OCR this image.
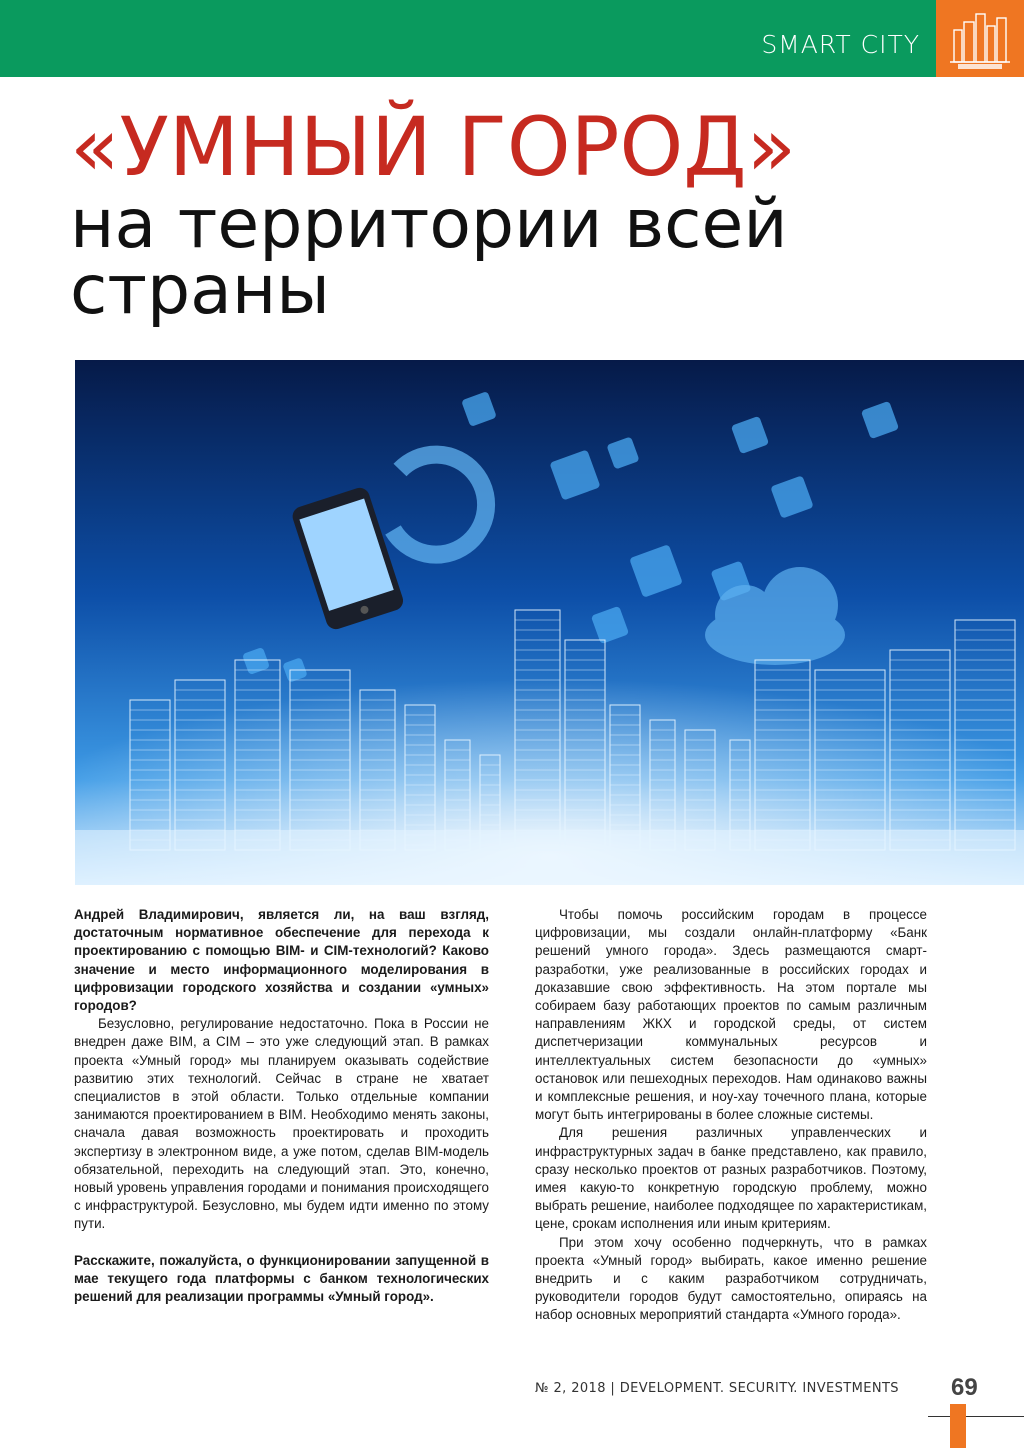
SMART CITY
«УМНЫЙ ГОРОД»
на территории всей страны

Андрей Владимирович, является ли, на ваш взгляд, достаточным нормативное обеспечение для перехода к проектированию с помощью BIM- и CIM-технологий? Каково значение и место информационного моделирования в цифровизации городского хозяйства и создании «умных» городов?

Безусловно, регулирование недостаточно. Пока в России не внедрен даже BIM, а CIM – это уже следующий этап. В рамках проекта «Умный город» мы планируем оказывать содействие развитию этих технологий. Сейчас в стране не хватает специалистов в этой области. Только отдельные компании занимаются проектированием в BIM. Необходимо менять законы, сначала давая возможность проектировать и проходить экспертизу в электронном виде, а уже потом, сделав BIM-модель обязательной, переходить на следующий этап. Это, конечно, новый уровень управления городами и понимания происходящего с инфраструктурой. Безусловно, мы будем идти именно по этому пути.

Расскажите, пожалуйста, о функционировании запущенной в мае текущего года платформы с банком технологических решений для реализации программы «Умный город».

Чтобы помочь российским городам в процессе цифровизации, мы создали онлайн-платформу «Банк решений умного города». Здесь размещаются смарт-разработки, уже реализованные в российских городах и доказавшие свою эффективность. На этом портале мы собираем базу работающих проектов по самым различным направлениям ЖКХ и городской среды, от систем диспетчеризации коммунальных ресурсов и интеллектуальных систем безопасности до «умных» остановок или пешеходных переходов. Нам одинаково важны и комплексные решения, и ноу-хау точечного плана, которые могут быть интегрированы в более сложные системы.

Для решения различных управленческих и инфраструктурных задач в банке представлено, как правило, сразу несколько проектов от разных разработчиков. Поэтому, имея какую-то конкретную городскую проблему, можно выбрать решение, наиболее подходящее по характеристикам, цене, срокам исполнения или иным критериям.

При этом хочу особенно подчеркнуть, что в рамках проекта «Умный город» выбирать, какое именно решение внедрить и с каким разработчиком сотрудничать, руководители городов будут самостоятельно, опираясь на набор основных мероприятий стандарта «Умного города».

№ 2, 2018 | DEVELOPMENT. SECURITY. INVESTMENTS 69
